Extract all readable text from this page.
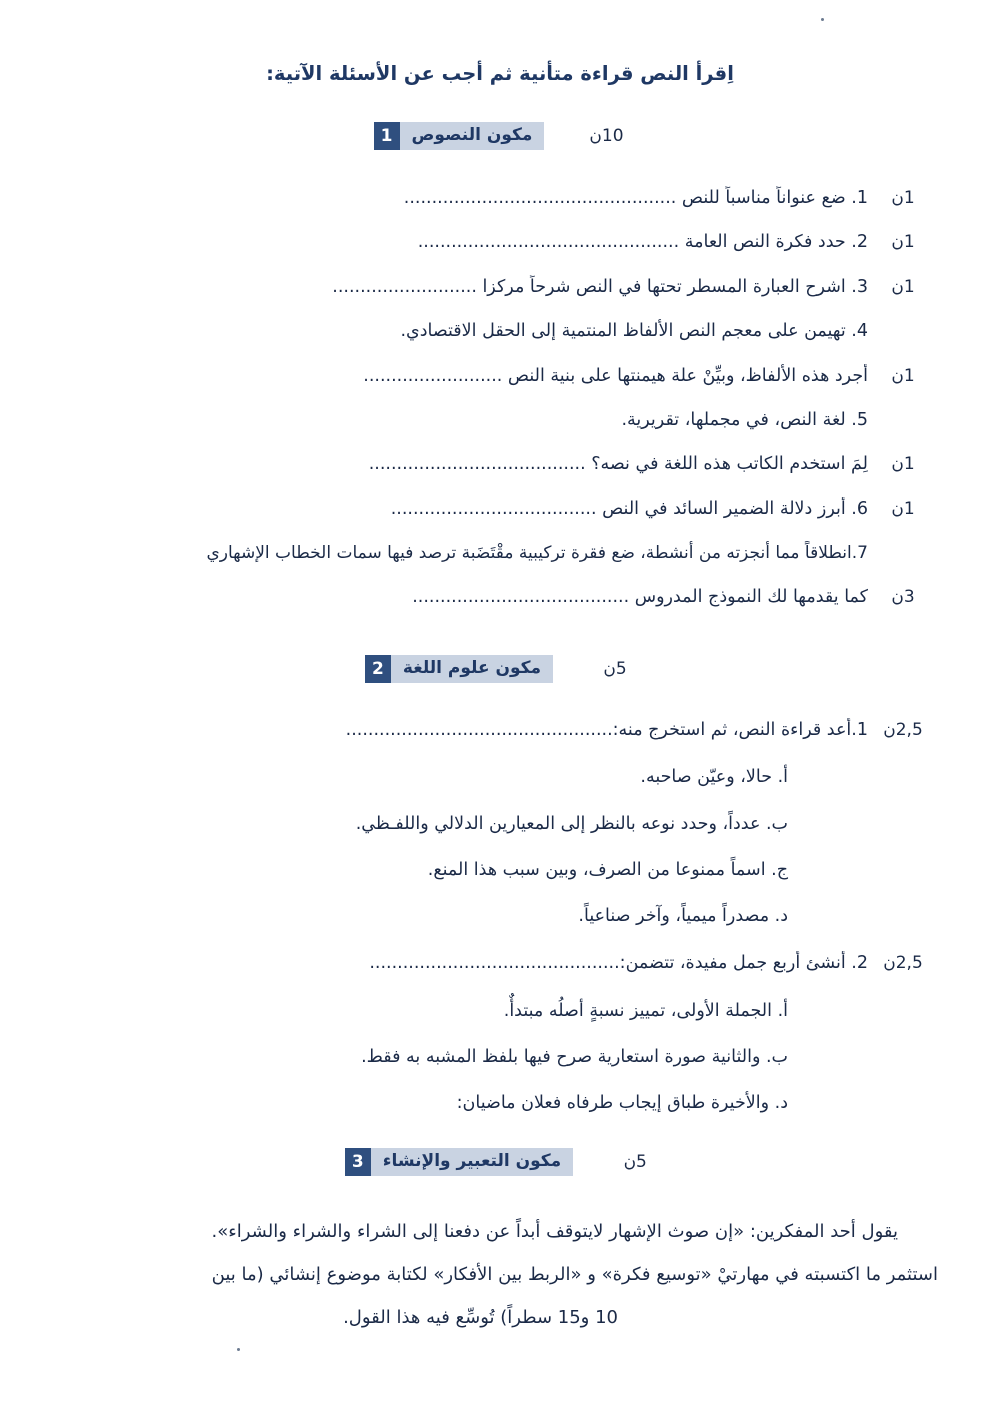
اِقرأ النص قراءة متأنية ثم أجب عن الأسئلة الآتية:
10ن
مكون النصوص
1
1ن
1. ضع عنواناً مناسباً للنص .................................................
1ن
2. حدد فكرة النص العامة ...............................................
1ن
3. اشرح العبارة المسطر تحتها في النص شرحاً مركزا ..........................
4. تهيمن على معجم النص الألفاظ المنتمية إلى الحقل الاقتصادي.
1ن
أُجرد هذه الألفاظ، وبيِّنْ علة هيمنتها على بنية النص .........................
5. لغة النص، في مجملها، تقريرية.
1ن
لِمَ استخدم الكاتب هذه اللغة في نصه؟ .......................................
1ن
6. أبرز دلالة الضمير السائد في النص .....................................
7.انطلاقاً مما أنجزته من أنشطة، ضع فقرة تركيبية مقْتَضَبة ترصد فيها سمات الخطاب الإشهاري
3ن
كما يقدمها لك النموذج المدروس .......................................
5ن
مكون علوم اللغة
2
2,5ن
1.أعد قراءة النص، ثم استخرج منه:................................................
أ. حالا، وعيّن صاحبه.
ب. عدداً، وحدد نوعه بالنظر إلى المعيارين الدلالي واللفـظي.
ج. اسماً ممنوعا من الصرف، وبين سبب هذا المنع.
د. مصدراً ميمياً، وآخر صناعياً.
2,5ن
2. أنشئ أربع جمل مفيدة، تتضمن:.............................................
أ. الجملة الأولى، تمييز نسبةٍ أصلُه مبتدأٌ.
ب. والثانية صورة استعارية صرح فيها بلفظ المشبه به فقط.
د. والأخيرة طباق إيجاب طرفاه فعلان ماضيان:
5ن
مكون التعبير والإنشاء
3
يقول أحد المفكرين: «إن صوث الإشهار لايتوقف أبداً عن دفعنا إلى الشراء والشراء والشراء».
استثمر ما اكتسبته في مهارتيْ «توسيع فكرة» و «الربط بين الأفكار» لكتابة موضوع إنشائي (ما بين
10 و15 سطراً) تُوسِّع فيه هذا القول.
